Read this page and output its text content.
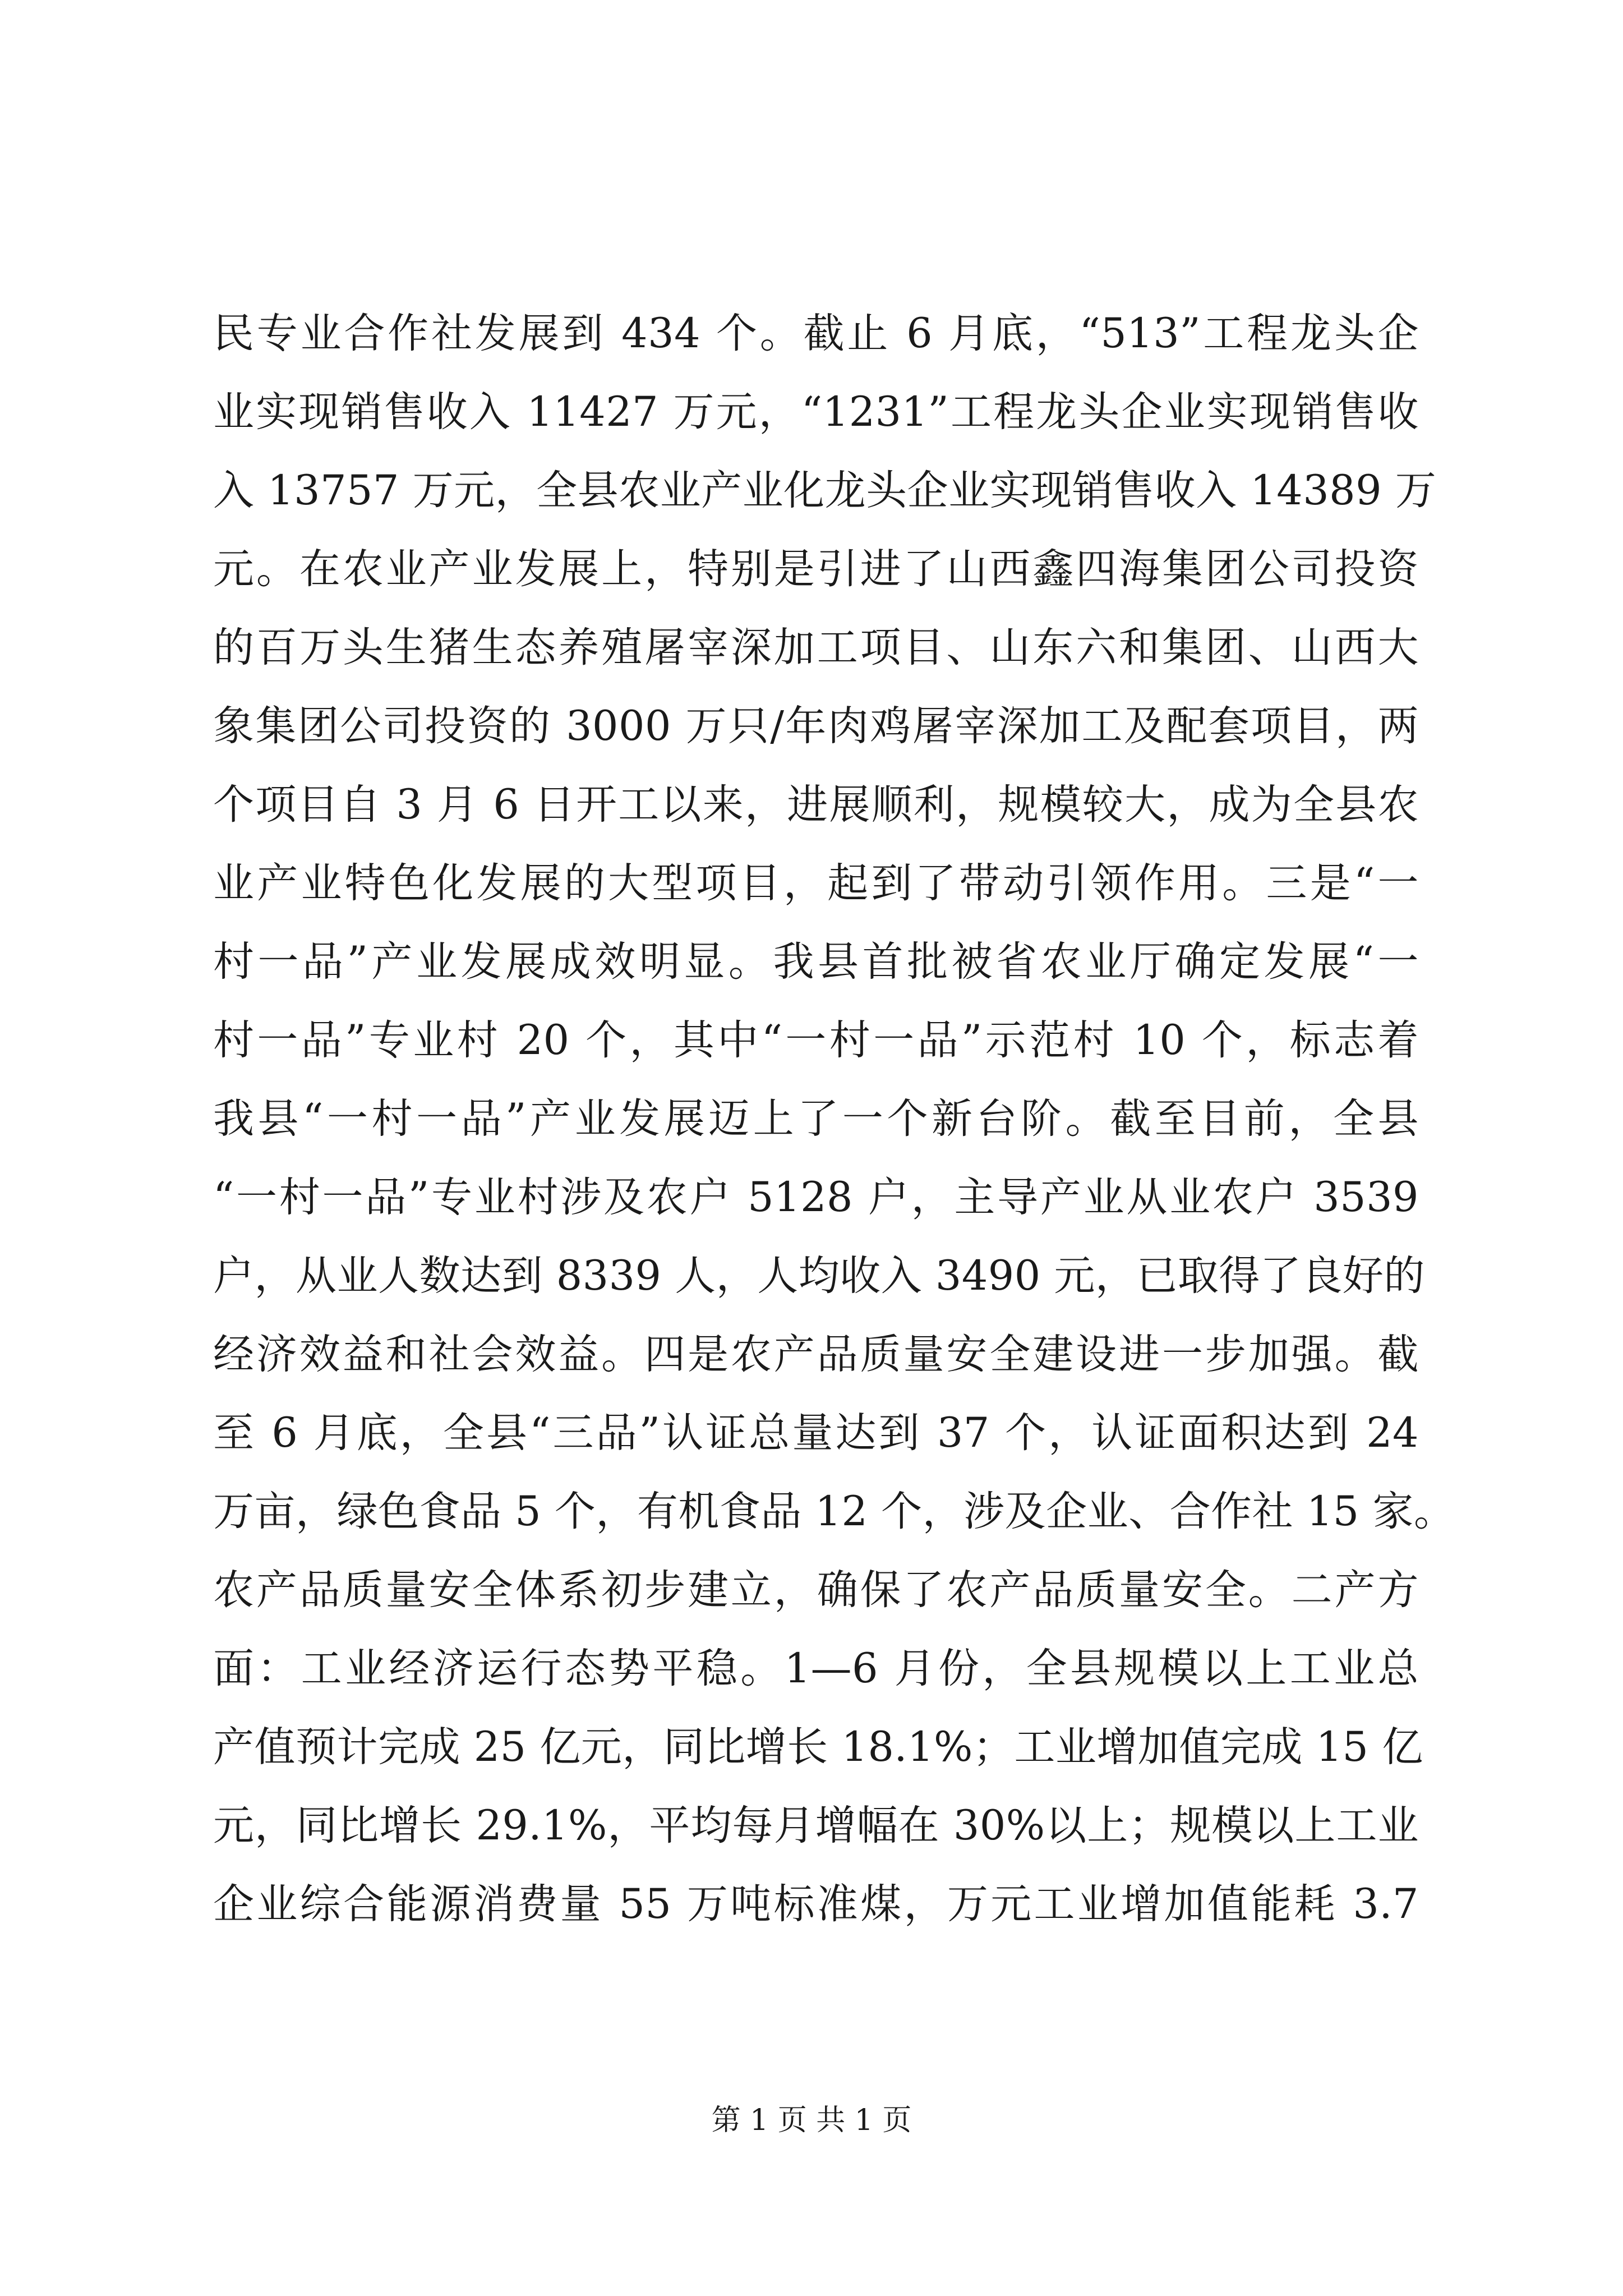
民专业合作社发展到 434 个。截止 6 月底，“513”工程龙头企
业实现销售收入 11427 万元，“1231”工程龙头企业实现销售收
入 13757 万元，全县农业产业化龙头企业实现销售收入 14389 万
元。在农业产业发展上，特别是引进了山西鑫四海集团公司投资
的百万头生猪生态养殖屠宰深加工项目、山东六和集团、山西大
象集团公司投资的 3000 万只/年肉鸡屠宰深加工及配套项目，两
个项目自 3 月 6 日开工以来，进展顺利，规模较大，成为全县农
业产业特色化发展的大型项目，起到了带动引领作用。三是“一
村一品”产业发展成效明显。我县首批被省农业厅确定发展“一
村一品”专业村 20 个，其中“一村一品”示范村 10 个，标志着
我县“一村一品”产业发展迈上了一个新台阶。截至目前，全县
“一村一品”专业村涉及农户 5128 户，主导产业从业农户 3539
户，从业人数达到 8339 人，人均收入 3490 元，已取得了良好的
经济效益和社会效益。四是农产品质量安全建设进一步加强。截
至 6 月底，全县“三品”认证总量达到 37 个，认证面积达到 24
万亩，绿色食品 5 个，有机食品 12 个，涉及企业、合作社 15 家。
农产品质量安全体系初步建立，确保了农产品质量安全。二产方
面：工业经济运行态势平稳。1—6 月份，全县规模以上工业总
产值预计完成 25 亿元，同比增长 18.1%；工业增加值完成 15 亿
元，同比增长 29.1%，平均每月增幅在 30%以上；规模以上工业
企业综合能源消费量 55 万吨标准煤，万元工业增加值能耗 3.7
第 1 页 共 1 页
